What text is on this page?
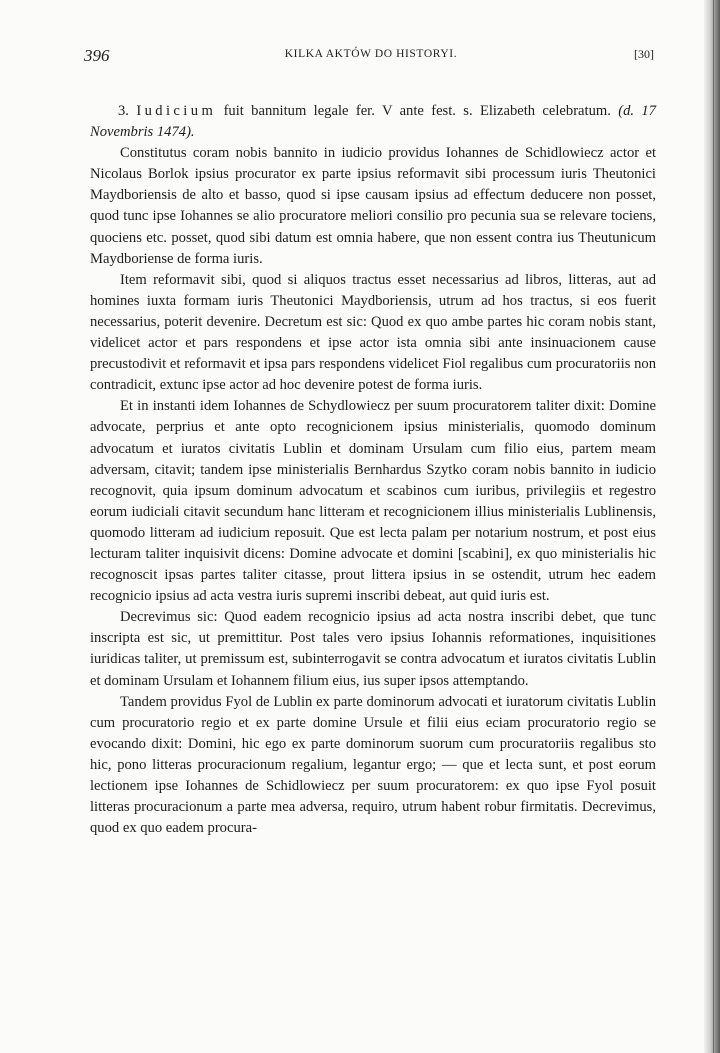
396	KILKA AKTÓW DO HISTORYI.	[30]

3. Iudicium fuit bannitum legale fer. V ante fest. s. Elizabeth celebratum. (d. 17 Novembris 1474).

Constitutus coram nobis bannito in iudicio providus Iohannes de Schidlowiecz actor et Nicolaus Borlok ipsius procurator ex parte ipsius reformavit sibi processum iuris Theutonici Maydboriensis de alto et basso, quod si ipse causam ipsius ad effectum deducere non posset, quod tunc ipse Iohannes se alio procuratore meliori consilio pro pecunia sua se relevare tociens, quociens etc. posset, quod sibi datum est omnia habere, que non essent contra ius Theutunicum Maydboriense de forma iuris.

Item reformavit sibi, quod si aliquos tractus esset necessarius ad libros, litteras, aut ad homines iuxta formam iuris Theutonici Maydboriensis, utrum ad hos tractus, si eos fuerit necessarius, poterit devenire. Decretum est sic: Quod ex quo ambe partes hic coram nobis stant, videlicet actor et pars respondens et ipse actor ista omnia sibi ante insinuacionem cause precustodivit et reformavit et ipsa pars respondens videlicet Fiol regalibus cum procuratoriis non contradicit, extunc ipse actor ad hoc devenire potest de forma iuris.

Et in instanti idem Iohannes de Schydlowiecz per suum procuratorem taliter dixit: Domine advocate, perprius et ante opto recognicionem ipsius ministerialis, quomodo dominum advocatum et iuratos civitatis Lublin et dominam Ursulam cum filio eius, partem meam adversam, citavit; tandem ipse ministerialis Bernhardus Szytko coram nobis bannito in iudicio recognovit, quia ipsum dominum advocatum et scabinos cum iuribus, privilegiis et regestro eorum iudiciali citavit secundum hanc litteram et recognicionem illius ministerialis Lublinensis, quomodo litteram ad iudicium reposuit. Que est lecta palam per notarium nostrum, et post eius lecturam taliter inquisivit dicens: Domine advocate et domini [scabini], ex quo ministerialis hic recognoscit ipsas partes taliter citasse, prout littera ipsius in se ostendit, utrum hec eadem recognicio ipsius ad acta vestra iuris supremi inscribi debeat, aut quid iuris est.

Decrevimus sic: Quod eadem recognicio ipsius ad acta nostra inscribi debet, que tunc inscripta est sic, ut premittitur. Post tales vero ipsius Iohannis reformationes, inquisitiones iuridicas taliter, ut premissum est, subinterrogavit se contra advocatum et iuratos civitatis Lublin et dominam Ursulam et Iohannem filium eius, ius super ipsos attemptando.

Tandem providus Fyol de Lublin ex parte dominorum advocati et iuratorum civitatis Lublin cum procuratorio regio et ex parte domine Ursule et filii eius eciam procuratorio regio se evocando dixit: Domini, hic ego ex parte dominorum suorum cum procuratoriis regalibus sto hic, pono litteras procuracionum regalium, legantur ergo; — que et lecta sunt, et post eorum lectionem ipse Iohannes de Schidlowiecz per suum procuratorem: ex quo ipse Fyol posuit litteras procuracionum a parte mea adversa, requiro, utrum habent robur firmitatis. Decrevimus, quod ex quo eadem procura-
